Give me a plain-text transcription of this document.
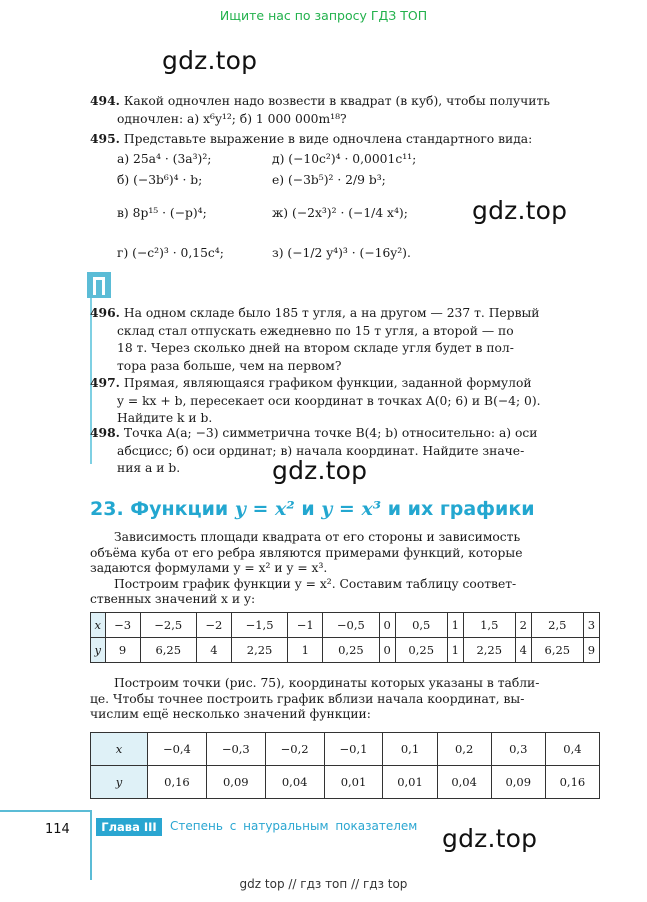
Ищите нас по запросу ГДЗ ТОП
gdz.top
gdz.top
gdz.top
gdz.top
494. Какой одночлен надо возвести в квадрат (в куб), чтобы получить
одночлен: а) x⁶y¹²; б) 1 000 000m¹⁸?
495. Представьте выражение в виде одночлена стандартного вида:
а) 25a⁴ · (3a³)²;	д) (−10c²)⁴ · 0,0001c¹¹;
б) (−3b⁶)⁴ · b;	е) (−3b⁵)² · 2/9 b³;
в) 8p¹⁵ · (−p)⁴;	ж) (−2x³)² · (−1/4 x⁴);
г) (−c²)³ · 0,15c⁴;	з) (−1/2 y⁴)³ · (−16y²).
496. На одном складе было 185 т угля, а на другом — 237 т. Первый
склад стал отпускать ежедневно по 15 т угля, а второй — по
18 т. Через сколько дней на втором складе угля будет в пол-
тора раза больше, чем на первом?
497. Прямая, являющаяся графиком функции, заданной формулой
y = kx + b, пересекает оси координат в точках A(0; 6) и B(−4; 0).
Найдите k и b.
498. Точка A(a; −3) симметрична точке B(4; b) относительно: а) оси
абсцисс; б) оси ординат; в) начала координат. Найдите значе-
ния a и b.
23. Функции y = x² и y = x³ и их графики
Зависимость площади квадрата от его стороны и зависимость
объёма куба от его ребра являются примерами функций, которые
задаются формулами y = x² и y = x³.
Построим график функции y = x². Составим таблицу соответ-
ственных значений x и y:
x	−3	−2,5	−2	−1,5	−1	−0,5	0	0,5	1	1,5	2	2,5	3
y	9	6,25	4	2,25	1	0,25	0	0,25	1	2,25	4	6,25	9
Построим точки (рис. 75), координаты которых указаны в табли-
це. Чтобы точнее построить график вблизи начала координат, вы-
числим ещё несколько значений функции:
x	−0,4	−0,3	−0,2	−0,1	0,1	0,2	0,3	0,4
y	0,16	0,09	0,04	0,01	0,01	0,04	0,09	0,16
114	Глава III	Степень с натуральным показателем
gdz top // гдз топ // гдз top
